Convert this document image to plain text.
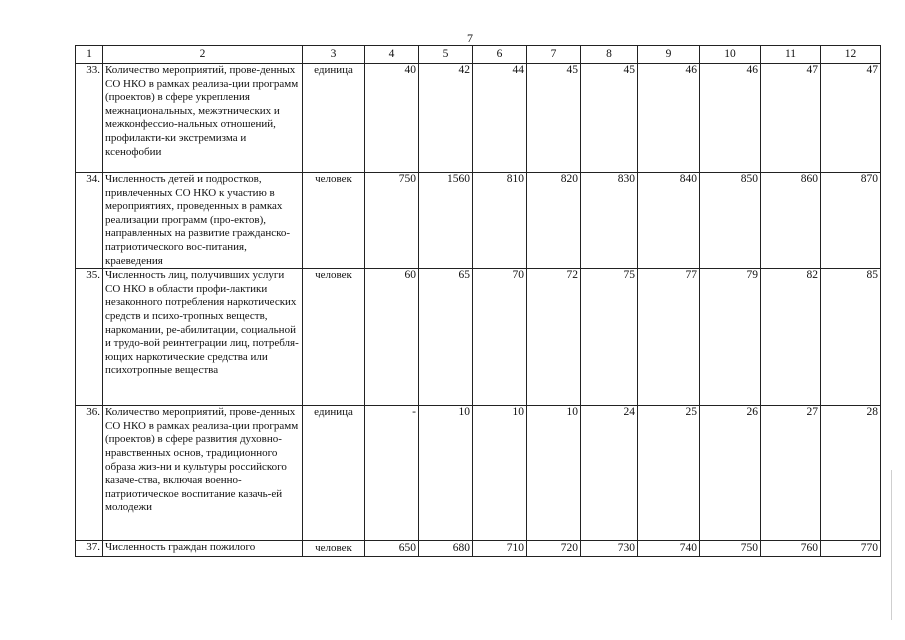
7
1	2	3	4	5	6	7	8	9	10	11	12
33.	Количество мероприятий, прове-денных СО НКО в рамках реализа-ции программ (проектов) в сфере укрепления межнациональных, межэтнических и межконфессио-нальных отношений, профилакти-ки экстремизма и ксенофобии	единица	40	42	44	45	45	46	46	47	47
34.	Численность детей и подростков, привлеченных СО НКО к участию в мероприятиях, проведенных в рамках реализации программ (про-ектов), направленных на развитие гражданско-патриотического вос-питания, краеведения	человек	750	1560	810	820	830	840	850	860	870
35.	Численность лиц, получивших услуги СО НКО в области профи-лактики незаконного потребления наркотических средств и психо-тропных веществ, наркомании, ре-абилитации, социальной и трудо-вой реинтеграции лиц, потребля-ющих наркотические средства или психотропные вещества	человек	60	65	70	72	75	77	79	82	85
36.	Количество мероприятий, прове-денных СО НКО в рамках реализа-ции программ (проектов) в сфере развития духовно-нравственных основ, традиционного образа жиз-ни и культуры российского казаче-ства, включая военно-патриотическое воспитание казачь-ей молодежи	единица	-	10	10	10	24	25	26	27	28
37.	Численность граждан пожилого	человек	650	680	710	720	730	740	750	760	770
